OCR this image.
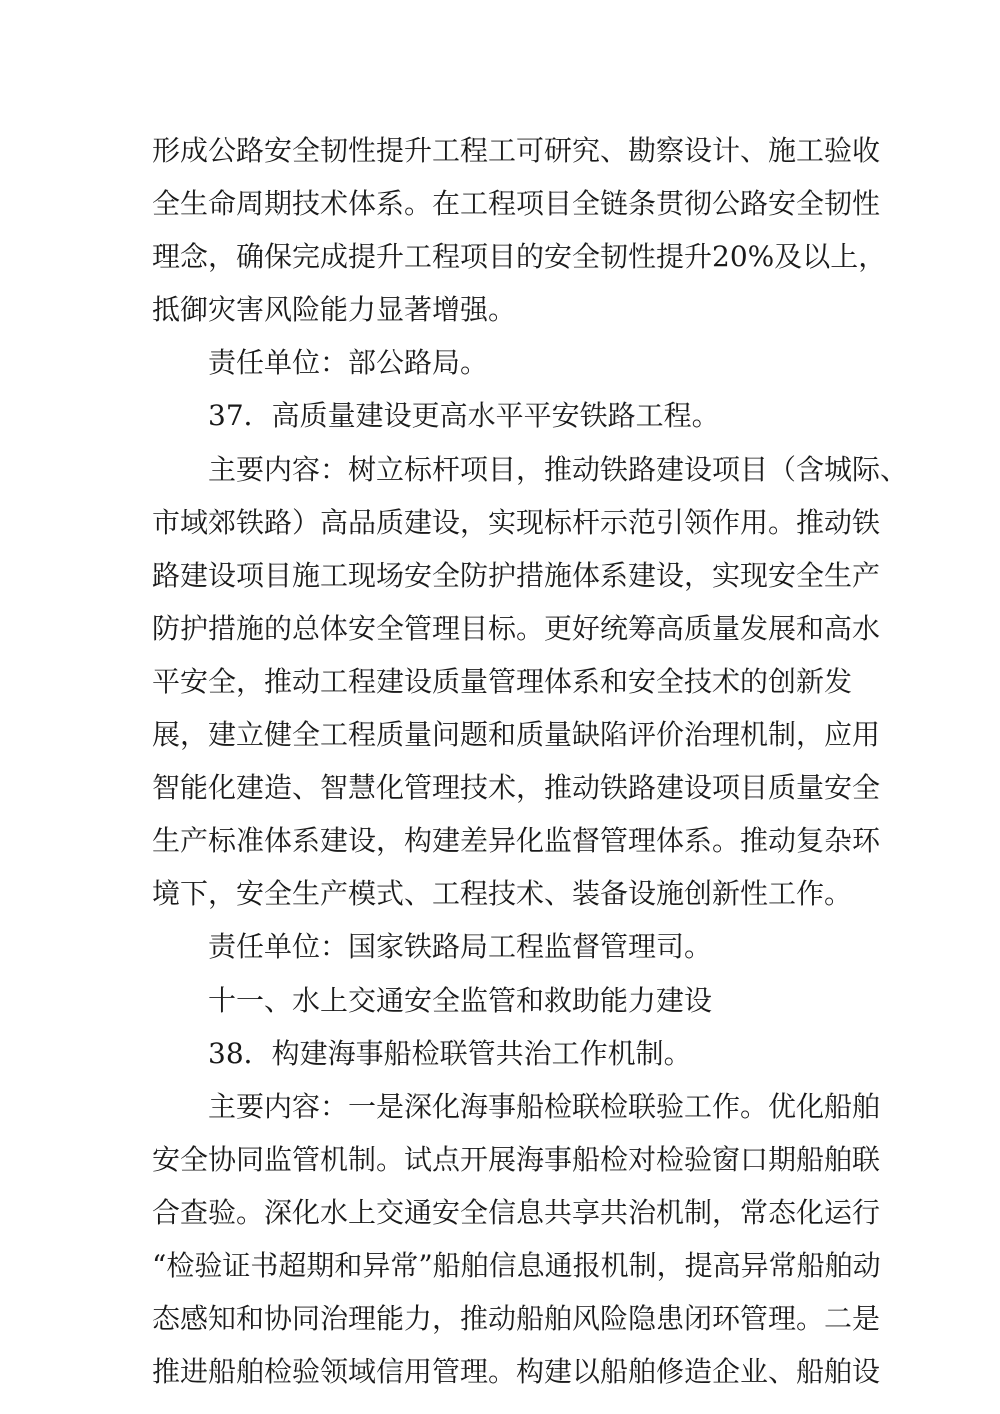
形成公路安全韧性提升工程工可研究、勘察设计、施工验收
全生命周期技术体系。在工程项目全链条贯彻公路安全韧性
理念，确保完成提升工程项目的安全韧性提升20%及以上，
抵御灾害风险能力显著增强。
责任单位：部公路局。
37．高质量建设更高水平平安铁路工程。
主要内容：树立标杆项目，推动铁路建设项目（含城际、
市域郊铁路）高品质建设，实现标杆示范引领作用。推动铁
路建设项目施工现场安全防护措施体系建设，实现安全生产
防护措施的总体安全管理目标。更好统筹高质量发展和高水
平安全，推动工程建设质量管理体系和安全技术的创新发
展，建立健全工程质量问题和质量缺陷评价治理机制，应用
智能化建造、智慧化管理技术，推动铁路建设项目质量安全
生产标准体系建设，构建差异化监督管理体系。推动复杂环
境下，安全生产模式、工程技术、装备设施创新性工作。
责任单位：国家铁路局工程监督管理司。
十一、水上交通安全监管和救助能力建设
38．构建海事船检联管共治工作机制。
主要内容：一是深化海事船检联检联验工作。优化船舶
安全协同监管机制。试点开展海事船检对检验窗口期船舶联
合查验。深化水上交通安全信息共享共治机制，常态化运行
“检验证书超期和异常”船舶信息通报机制，提高异常船舶动
态感知和协同治理能力，推动船舶风险隐患闭环管理。二是
推进船舶检验领域信用管理。构建以船舶修造企业、船舶设
